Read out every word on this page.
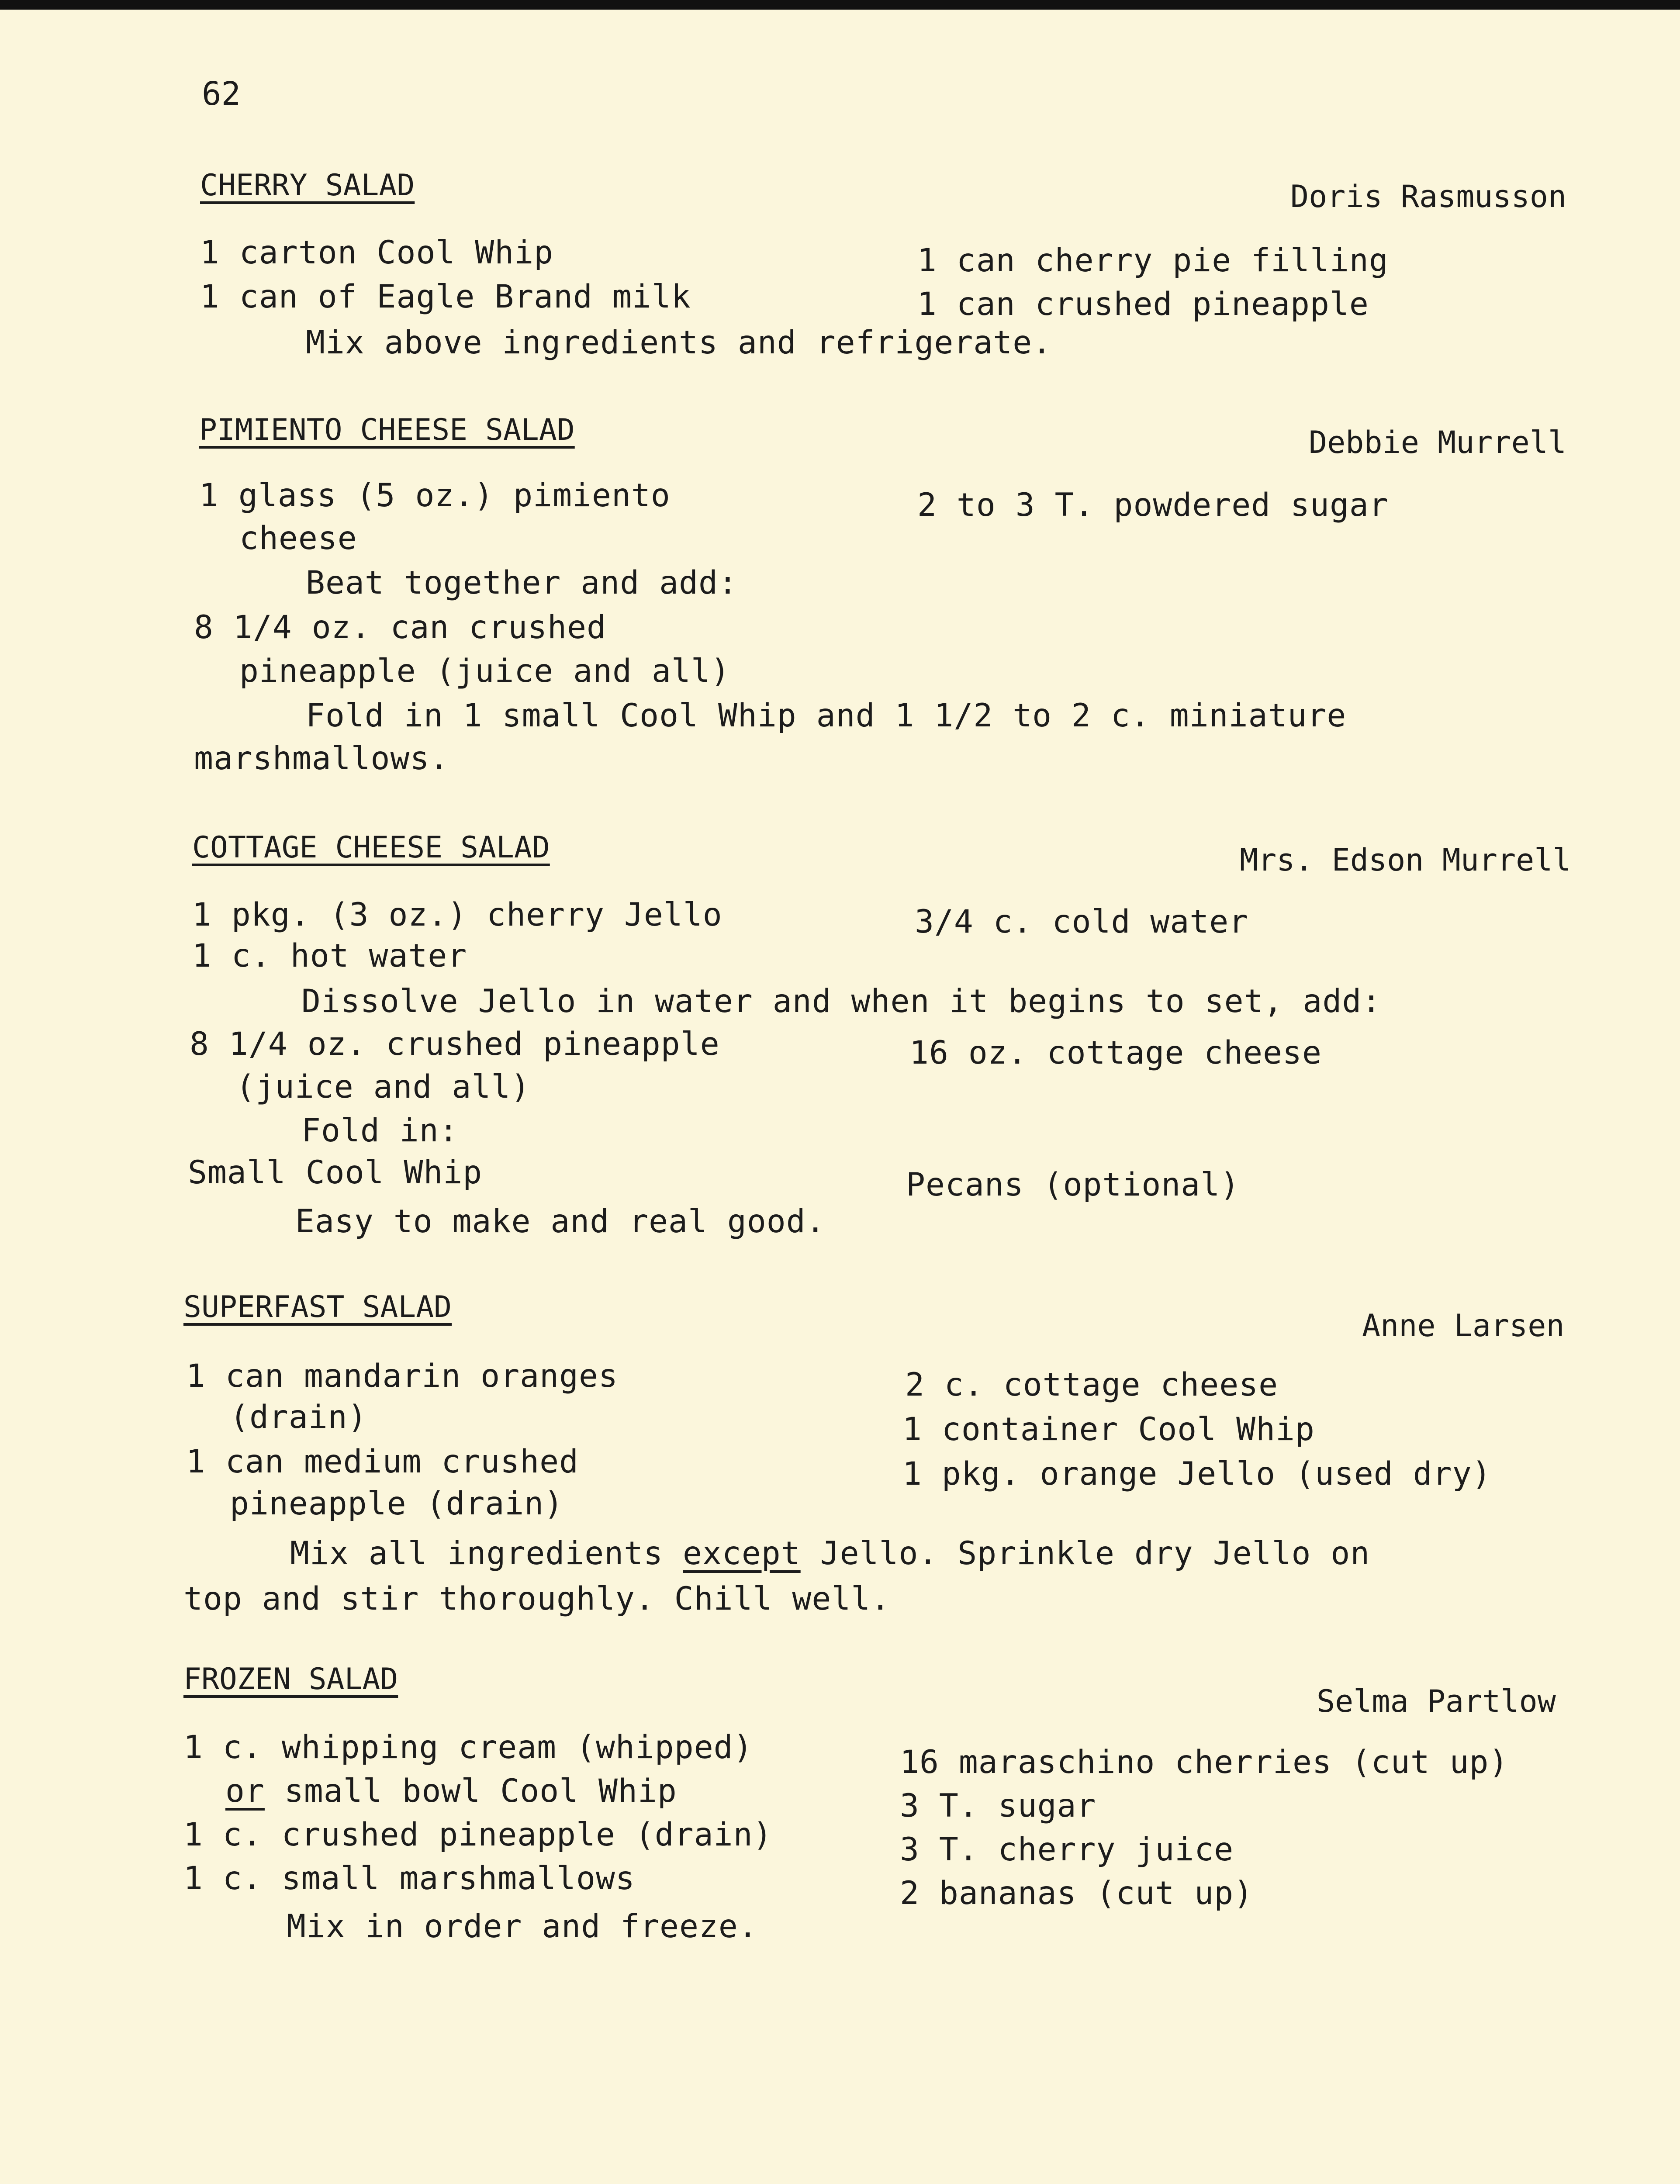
62
CHERRY SALAD	Doris Rasmusson
1 carton Cool Whip	1 can cherry pie filling
1 can of Eagle Brand milk	1 can crushed pineapple
Mix above ingredients and refrigerate.
PIMIENTO CHEESE SALAD	Debbie Murrell
1 glass (5 oz.) pimiento	2 to 3 T. powdered sugar
cheese
Beat together and add:
8 1/4 oz. can crushed
pineapple (juice and all)
Fold in 1 small Cool Whip and 1 1/2 to 2 c. miniature
marshmallows.
COTTAGE CHEESE SALAD	Mrs. Edson Murrell
1 pkg. (3 oz.) cherry Jello	3/4 c. cold water
1 c. hot water
Dissolve Jello in water and when it begins to set, add:
8 1/4 oz. crushed pineapple	16 oz. cottage cheese
(juice and all)
Fold in:
Small Cool Whip	Pecans (optional)
Easy to make and real good.
SUPERFAST SALAD
Anne Larsen
1 can mandarin oranges	2 c. cottage cheese
(drain)	1 container Cool Whip
1 can medium crushed	1 pkg. orange Jello (used dry)
pineapple (drain)
Mix all ingredients except Jello. Sprinkle dry Jello on
top and stir thoroughly. Chill well.
FROZEN SALAD
Selma Partlow
1 c. whipping cream (whipped)	16 maraschino cherries (cut up)
or small bowl Cool Whip	3 T. sugar
1 c. crushed pineapple (drain)	3 T. cherry juice
1 c. small marshmallows	2 bananas (cut up)
Mix in order and freeze.
